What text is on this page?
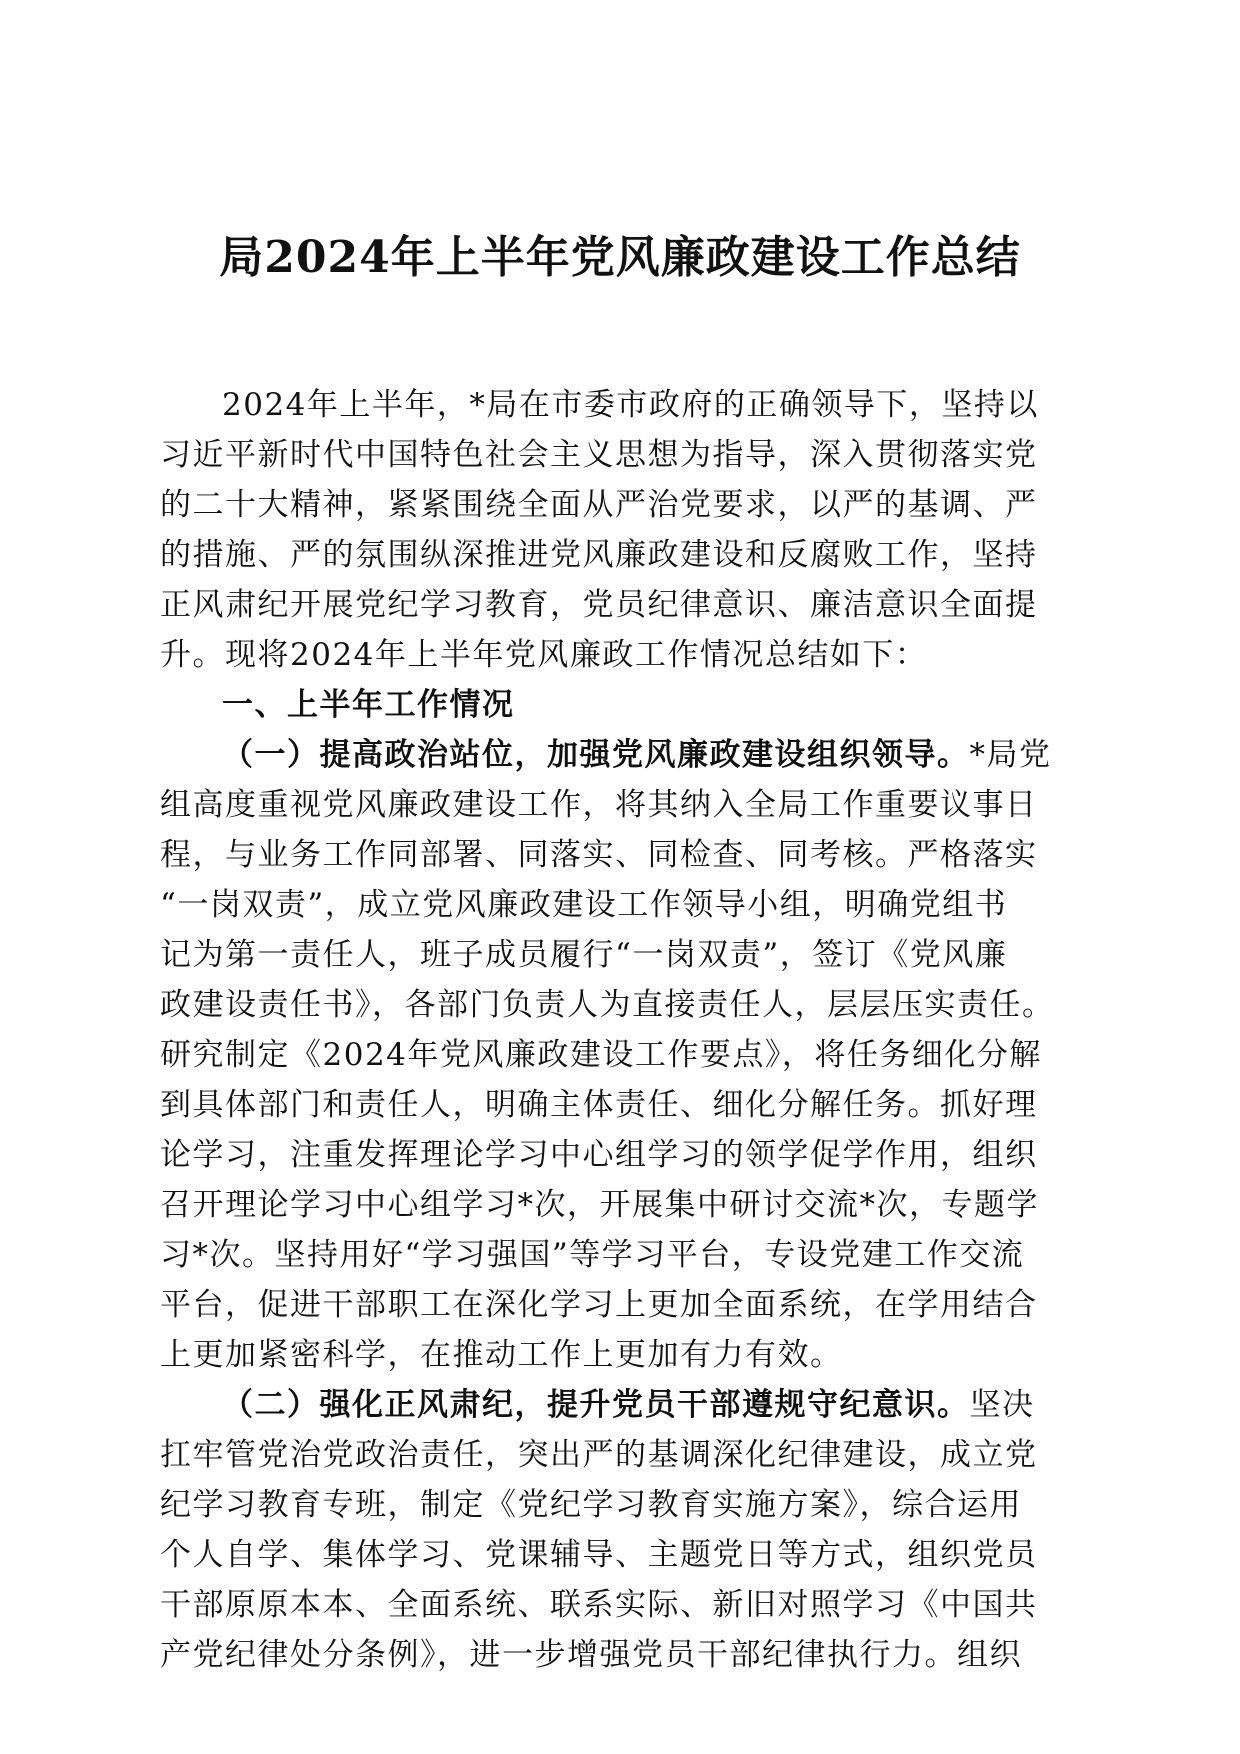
局2024年上半年党风廉政建设工作总结
2024年上半年，*局在市委市政府的正确领导下，坚持以
习近平新时代中国特色社会主义思想为指导，深入贯彻落实党
的二十大精神，紧紧围绕全面从严治党要求，以严的基调、严
的措施、严的氛围纵深推进党风廉政建设和反腐败工作，坚持
正风肃纪开展党纪学习教育，党员纪律意识、廉洁意识全面提
升。现将2024年上半年党风廉政工作情况总结如下：
一、上半年工作情况
（一）提高政治站位，加强党风廉政建设组织领导。*局党
组高度重视党风廉政建设工作，将其纳入全局工作重要议事日
程，与业务工作同部署、同落实、同检查、同考核。严格落实
“一岗双责”，成立党风廉政建设工作领导小组，明确党组书
记为第一责任人，班子成员履行“一岗双责”，签订《党风廉
政建设责任书》，各部门负责人为直接责任人，层层压实责任。
研究制定《2024年党风廉政建设工作要点》，将任务细化分解
到具体部门和责任人，明确主体责任、细化分解任务。抓好理
论学习，注重发挥理论学习中心组学习的领学促学作用，组织
召开理论学习中心组学习*次，开展集中研讨交流*次，专题学
习*次。坚持用好“学习强国”等学习平台，专设党建工作交流
平台，促进干部职工在深化学习上更加全面系统，在学用结合
上更加紧密科学，在推动工作上更加有力有效。
（二）强化正风肃纪，提升党员干部遵规守纪意识。坚决
扛牢管党治党政治责任，突出严的基调深化纪律建设，成立党
纪学习教育专班，制定《党纪学习教育实施方案》，综合运用
个人自学、集体学习、党课辅导、主题党日等方式，组织党员
干部原原本本、全面系统、联系实际、新旧对照学习《中国共
产党纪律处分条例》，进一步增强党员干部纪律执行力。组织
